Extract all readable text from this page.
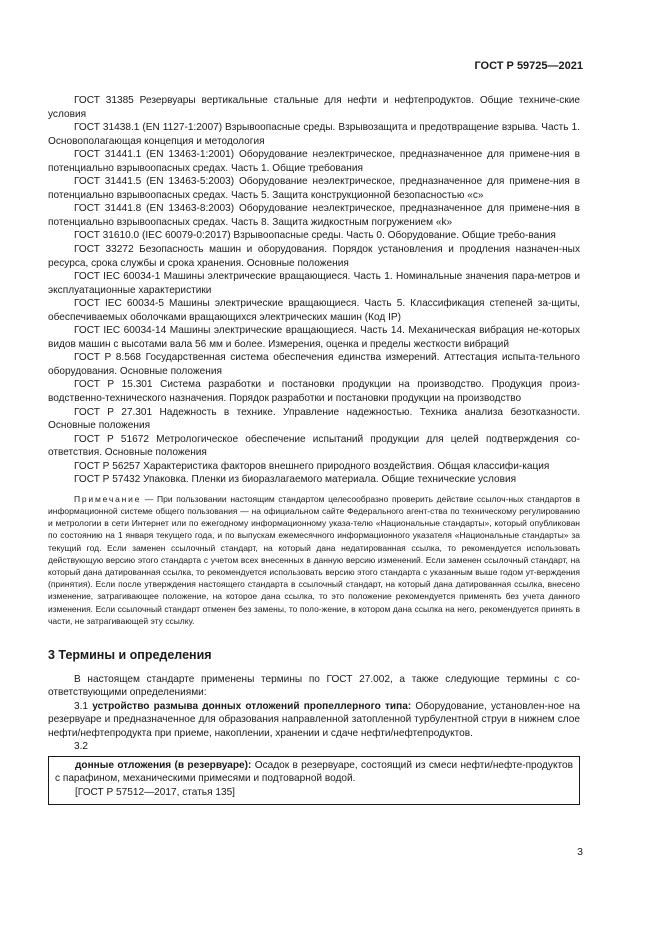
ГОСТ Р 59725—2021

ГОСТ 31385 Резервуары вертикальные стальные для нефти и нефтепродуктов. Общие техниче-ские условия

ГОСТ 31438.1 (EN 1127-1:2007) Взрывоопасные среды. Взрывозащита и предотвращение взрыва. Часть 1. Основополагающая концепция и методология

ГОСТ 31441.1 (EN 13463-1:2001) Оборудование неэлектрическое, предназначенное для примене-ния в потенциально взрывоопасных средах. Часть 1. Общие требования

ГОСТ 31441.5 (EN 13463-5:2003) Оборудование неэлектрическое, предназначенное для примене-ния в потенциально взрывоопасных средах. Часть 5. Защита конструкционной безопасностью «c»

ГОСТ 31441.8 (EN 13463-8:2003) Оборудование неэлектрическое, предназначенное для примене-ния в потенциально взрывоопасных средах. Часть 8. Защита жидкостным погружением «k»

ГОСТ 31610.0 (IEC 60079-0:2017) Взрывоопасные среды. Часть 0. Оборудование. Общие требо-вания

ГОСТ 33272 Безопасность машин и оборудования. Порядок установления и продления назначен-ных ресурса, срока службы и срока хранения. Основные положения

ГОСТ IEC 60034-1 Машины электрические вращающиеся. Часть 1. Номинальные значения пара-метров и эксплуатационные характеристики

ГОСТ IEC 60034-5 Машины электрические вращающиеся. Часть 5. Классификация степеней за-щиты, обеспечиваемых оболочками вращающихся электрических машин (Код IP)

ГОСТ IEC 60034-14 Машины электрические вращающиеся. Часть 14. Механическая вибрация не-которых видов машин с высотами вала 56 мм и более. Измерения, оценка и пределы жесткости вибраций

ГОСТ Р 8.568 Государственная система обеспечения единства измерений. Аттестация испыта-тельного оборудования. Основные положения

ГОСТ Р 15.301 Система разработки и постановки продукции на производство. Продукция произ-водственно-технического назначения. Порядок разработки и постановки продукции на производство

ГОСТ Р 27.301 Надежность в технике. Управление надежностью. Техника анализа безотказности. Основные положения

ГОСТ Р 51672 Метрологическое обеспечение испытаний продукции для целей подтверждения со-ответствия. Основные положения

ГОСТ Р 56257 Характеристика факторов внешнего природного воздействия. Общая классифи-кация

ГОСТ Р 57432 Упаковка. Пленки из биоразлагаемого материала. Общие технические условия

Примечание — При пользовании настоящим стандартом целесообразно проверить действие ссылоч-ных стандартов в информационной системе общего пользования — на официальном сайте Федерального агент-ства по техническому регулированию и метрологии в сети Интернет или по ежегодному информационному указа-телю «Национальные стандарты», который опубликован по состоянию на 1 января текущего года, и по выпускам ежемесячного информационного указателя «Национальные стандарты» за текущий год. Если заменен ссылочный стандарт, на который дана недатированная ссылка, то рекомендуется использовать действующую версию этого стандарта с учетом всех внесенных в данную версию изменений. Если заменен ссылочный стандарт, на который дана датированная ссылка, то рекомендуется использовать версию этого стандарта с указанным выше годом ут-верждения (принятия). Если после утверждения настоящего стандарта в ссылочный стандарт, на который дана датированная ссылка, внесено изменение, затрагивающее положение, на которое дана ссылка, то это положение рекомендуется применять без учета данного изменения. Если ссылочный стандарт отменен без замены, то поло-жение, в котором дана ссылка на него, рекомендуется принять в части, не затрагивающей эту ссылку.

3 Термины и определения

В настоящем стандарте применены термины по ГОСТ 27.002, а также следующие термины с со-ответствующими определениями:

3.1 устройство размыва донных отложений пропеллерного типа: Оборудование, установлен-ное на резервуаре и предназначенное для образования направленной затопленной турбулентной струи в нижнем слое нефти/нефтепродукта при приеме, накоплении, хранении и сдаче нефти/нефтепродуктов.

3.2

донные отложения (в резервуаре): Осадок в резервуаре, состоящий из смеси нефти/нефте-продуктов с парафином, механическими примесями и подтоварной водой.

[ГОСТ Р 57512—2017, статья 135]

3
